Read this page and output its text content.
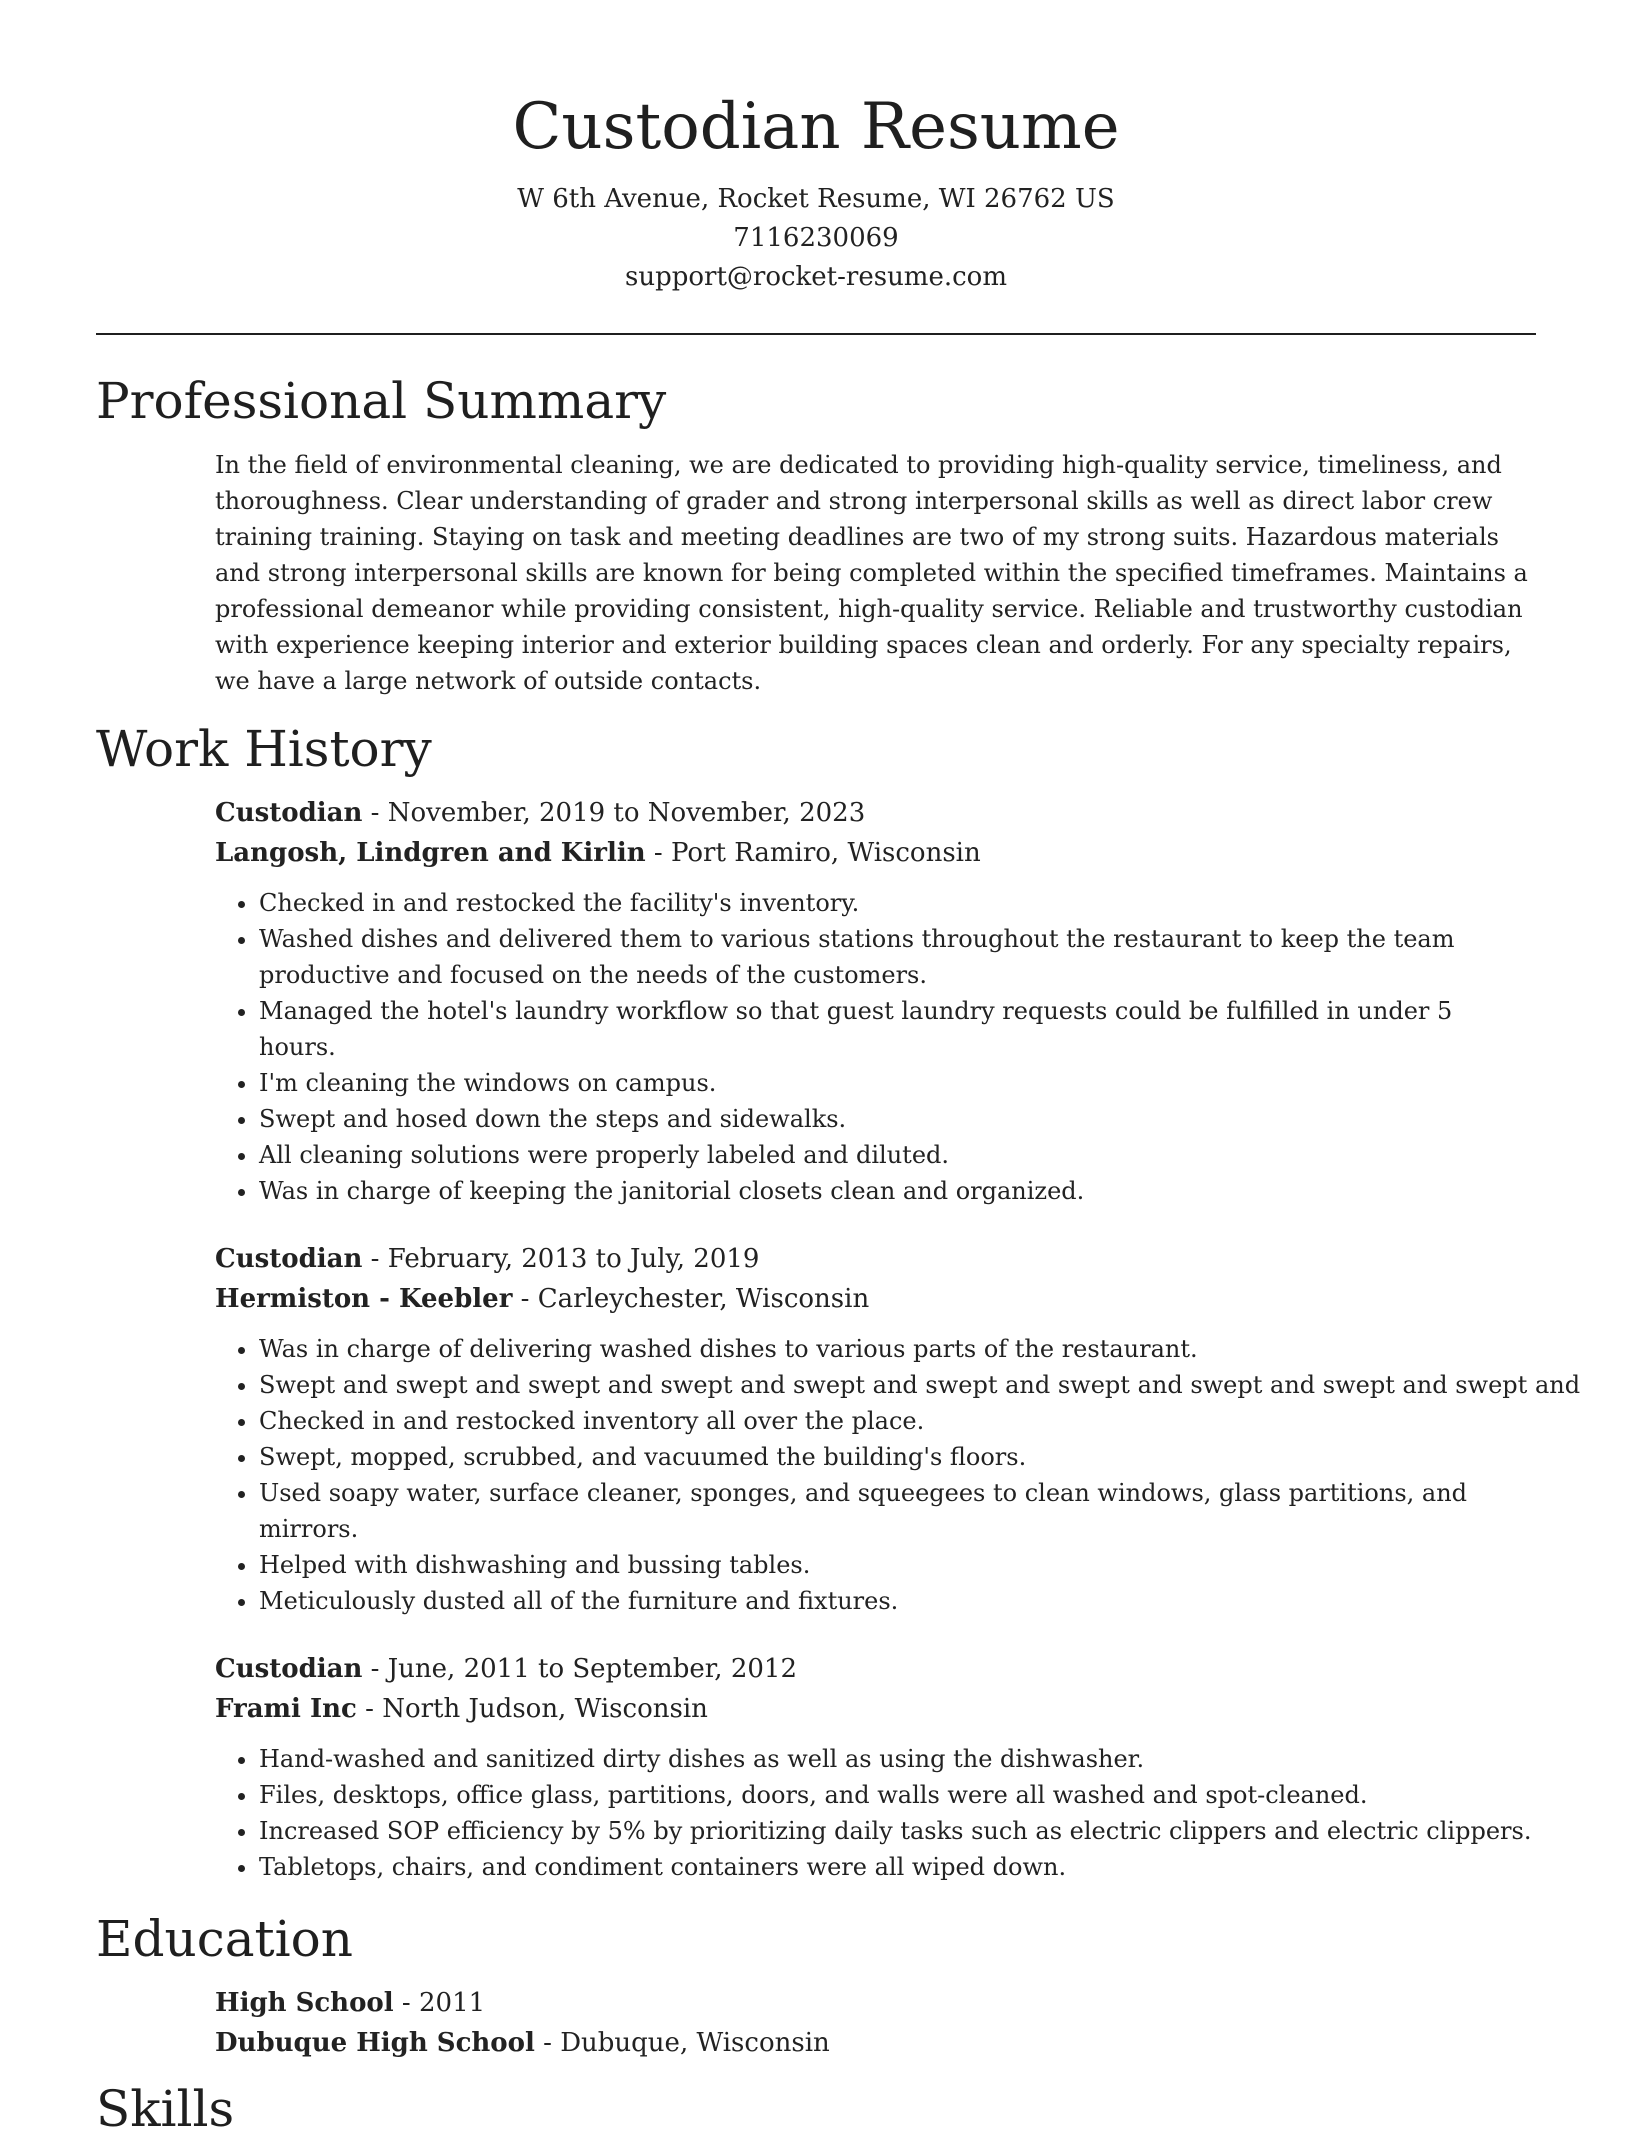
Custodian Resume
W 6th Avenue, Rocket Resume, WI 26762 US
7116230069
support@rocket-resume.com
Professional Summary

In the field of environmental cleaning, we are dedicated to providing high-quality service, timeliness, and thoroughness. Clear understanding of grader and strong interpersonal skills as well as direct labor crew training training. Staying on task and meeting deadlines are two of my strong suits. Hazardous materials and strong interpersonal skills are known for being completed within the specified timeframes. Maintains a professional demeanor while providing consistent, high-quality service. Reliable and trustworthy custodian with experience keeping interior and exterior building spaces clean and orderly. For any specialty repairs, we have a large network of outside contacts.

Work History
Custodian - November, 2019 to November, 2023
Langosh, Lindgren and Kirlin - Port Ramiro, Wisconsin
• Checked in and restocked the facility's inventory.
• Washed dishes and delivered them to various stations throughout the restaurant to keep the team productive and focused on the needs of the customers.
• Managed the hotel's laundry workflow so that guest laundry requests could be fulfilled in under 5 hours.
• I'm cleaning the windows on campus.
• Swept and hosed down the steps and sidewalks.
• All cleaning solutions were properly labeled and diluted.
• Was in charge of keeping the janitorial closets clean and organized.
Custodian - February, 2013 to July, 2019
Hermiston - Keebler - Carleychester, Wisconsin
• Was in charge of delivering washed dishes to various parts of the restaurant.
• Swept and swept and swept and swept and swept and swept and swept and swept and swept and swept and
• Checked in and restocked inventory all over the place.
• Swept, mopped, scrubbed, and vacuumed the building's floors.
• Used soapy water, surface cleaner, sponges, and squeegees to clean windows, glass partitions, and mirrors.
• Helped with dishwashing and bussing tables.
• Meticulously dusted all of the furniture and fixtures.
Custodian - June, 2011 to September, 2012
Frami Inc - North Judson, Wisconsin
• Hand-washed and sanitized dirty dishes as well as using the dishwasher.
• Files, desktops, office glass, partitions, doors, and walls were all washed and spot-cleaned.
• Increased SOP efficiency by 5% by prioritizing daily tasks such as electric clippers and electric clippers.
• Tabletops, chairs, and condiment containers were all wiped down.
Education
High School - 2011
Dubuque High School - Dubuque, Wisconsin
Skills
